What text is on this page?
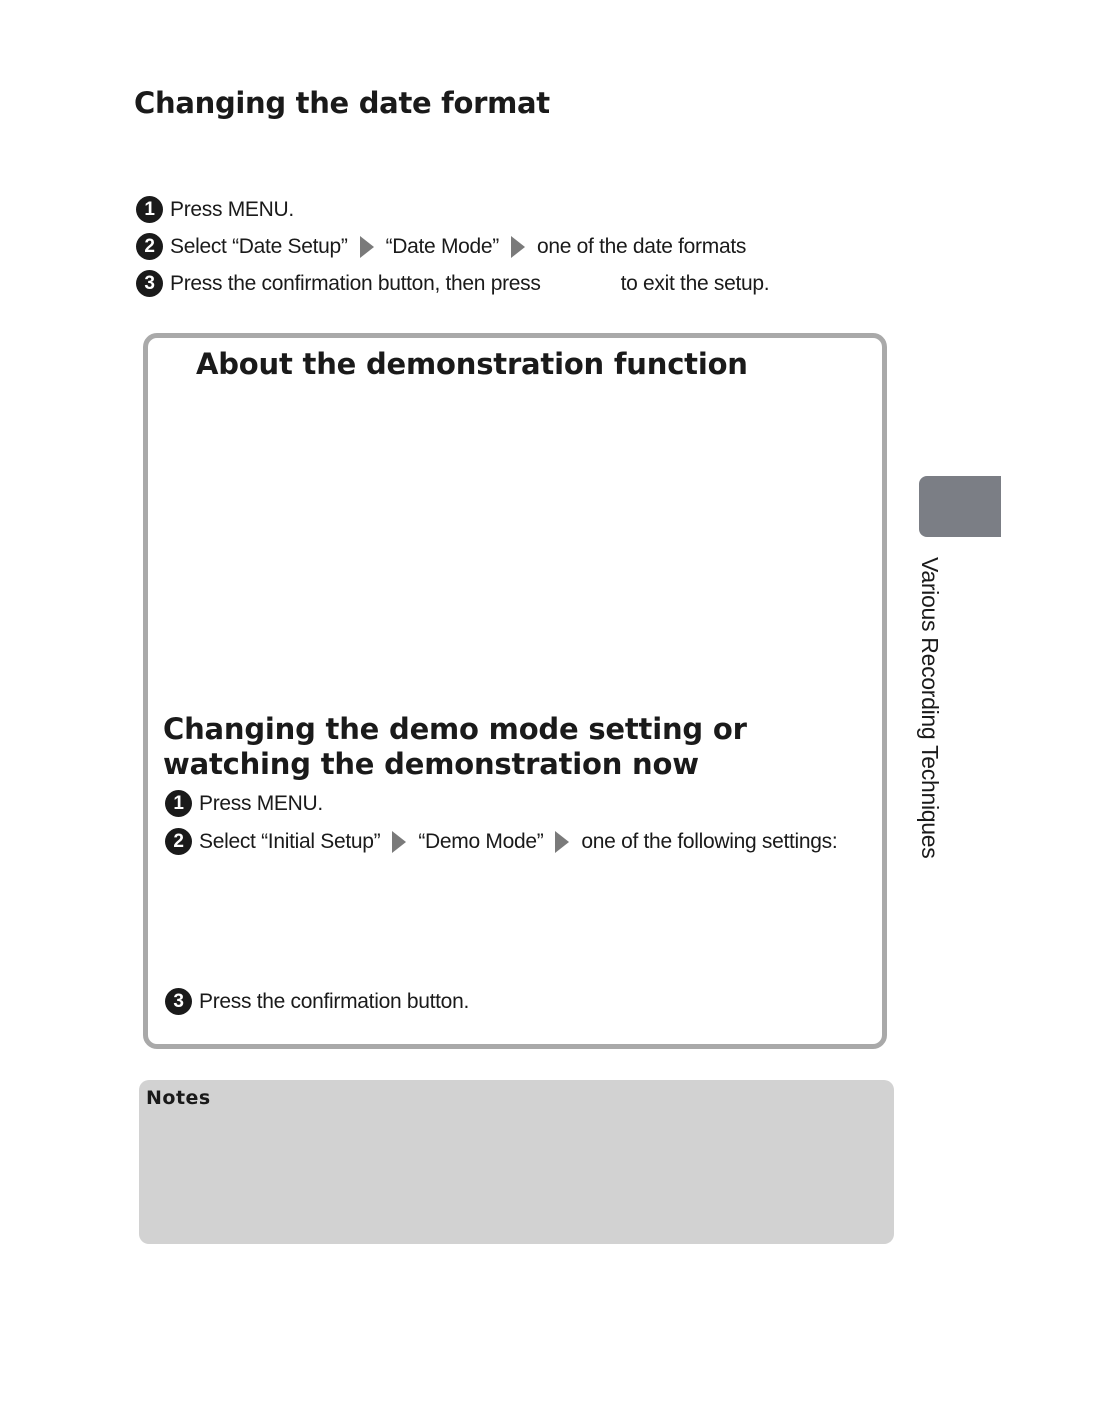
Changing the date format
1 Press MENU.
2 Select “Date Setup” “Date Mode” one of the date formats
3 Press the confirmation button, then press	to exit the setup.
About the demonstration function
Changing the demo mode setting or watching the demonstration now
1 Press MENU.
2 Select “Initial Setup” “Demo Mode” one of the following settings:
3 Press the confirmation button.
Notes
Various Recording Techniques
